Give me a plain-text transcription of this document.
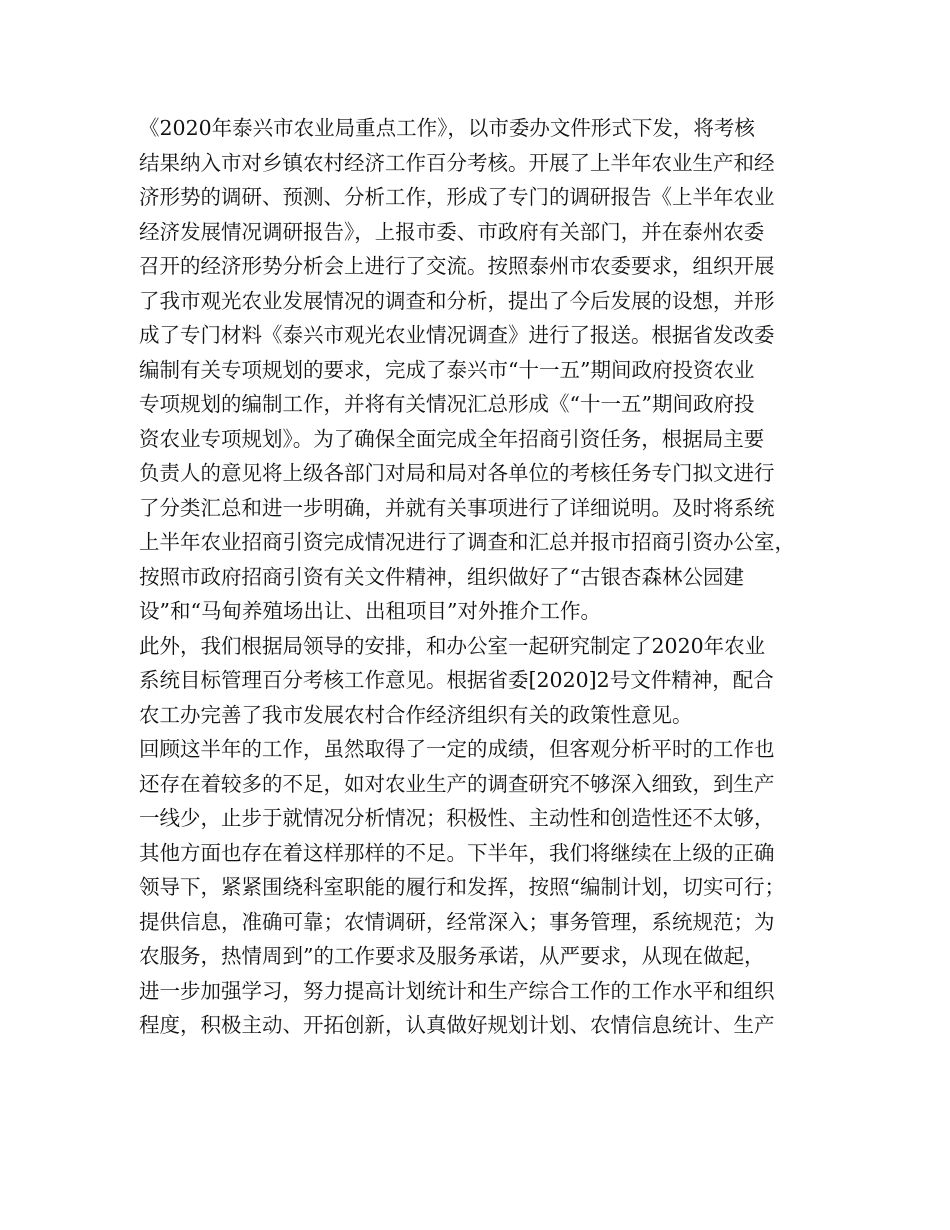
《2020年泰兴市农业局重点工作》，以市委办文件形式下发，将考核
结果纳入市对乡镇农村经济工作百分考核。开展了上半年农业生产和经
济形势的调研、预测、分析工作，形成了专门的调研报告《上半年农业
经济发展情况调研报告》，上报市委、市政府有关部门，并在泰州农委
召开的经济形势分析会上进行了交流。按照泰州市农委要求，组织开展
了我市观光农业发展情况的调查和分析，提出了今后发展的设想，并形
成了专门材料《泰兴市观光农业情况调查》进行了报送。根据省发改委
编制有关专项规划的要求，完成了泰兴市“十一五”期间政府投资农业
专项规划的编制工作，并将有关情况汇总形成《“十一五”期间政府投
资农业专项规划》。为了确保全面完成全年招商引资任务，根据局主要
负责人的意见将上级各部门对局和局对各单位的考核任务专门拟文进行
了分类汇总和进一步明确，并就有关事项进行了详细说明。及时将系统
上半年农业招商引资完成情况进行了调查和汇总并报市招商引资办公室，
按照市政府招商引资有关文件精神，组织做好了“古银杏森林公园建
设”和“马甸养殖场出让、出租项目”对外推介工作。
此外，我们根据局领导的安排，和办公室一起研究制定了2020年农业
系统目标管理百分考核工作意见。根据省委[2020]2号文件精神，配合
农工办完善了我市发展农村合作经济组织有关的政策性意见。
回顾这半年的工作，虽然取得了一定的成绩，但客观分析平时的工作也
还存在着较多的不足，如对农业生产的调查研究不够深入细致，到生产
一线少，止步于就情况分析情况；积极性、主动性和创造性还不太够，
其他方面也存在着这样那样的不足。下半年，我们将继续在上级的正确
领导下，紧紧围绕科室职能的履行和发挥，按照“编制计划，切实可行；
提供信息，准确可靠；农情调研，经常深入；事务管理，系统规范；为
农服务，热情周到”的工作要求及服务承诺，从严要求，从现在做起，
进一步加强学习，努力提高计划统计和生产综合工作的工作水平和组织
程度，积极主动、开拓创新，认真做好规划计划、农情信息统计、生产
